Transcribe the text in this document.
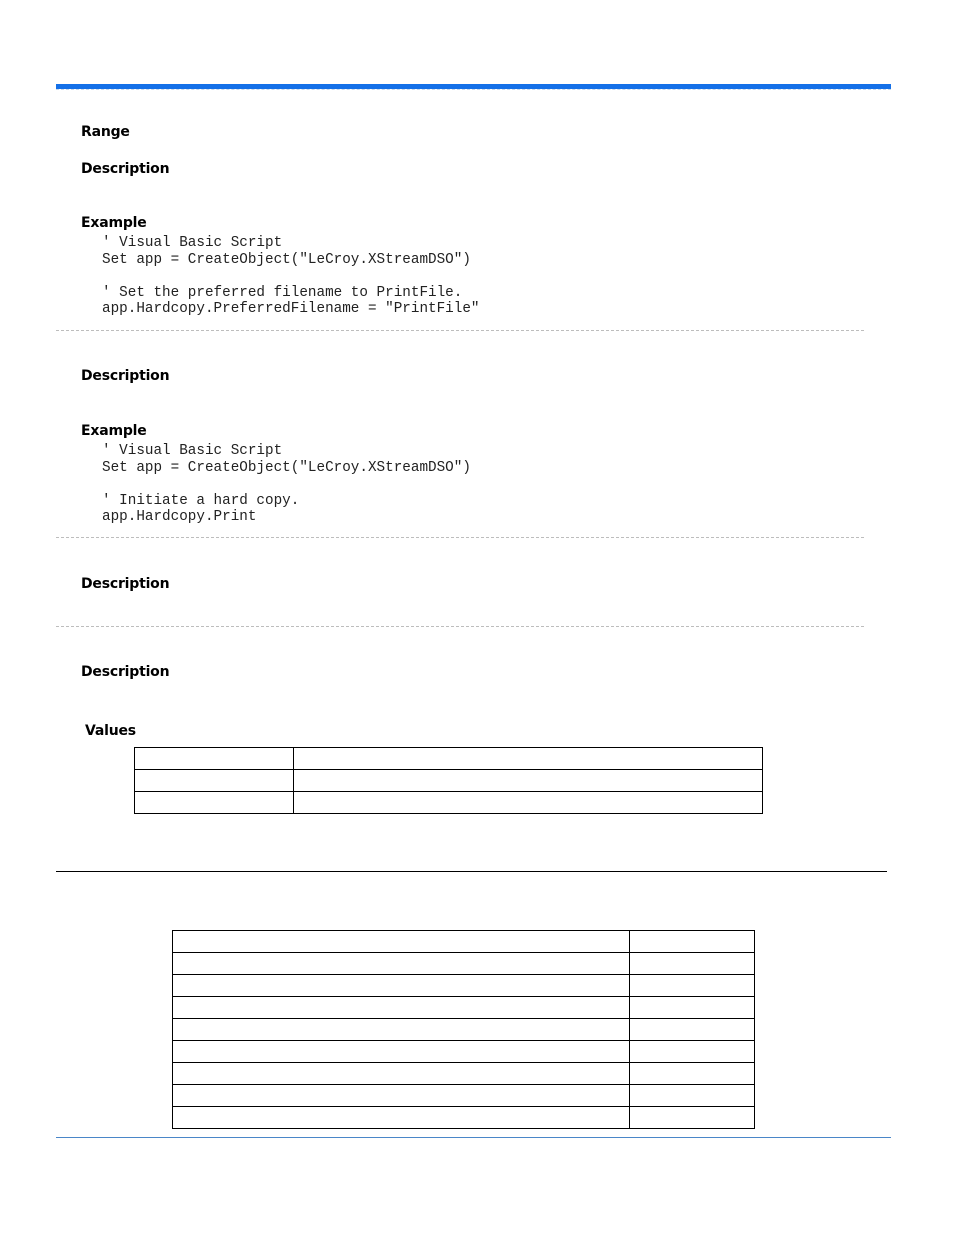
Range
Description
Example
' Visual Basic Script
Set app = CreateObject("LeCroy.XStreamDSO")

' Set the preferred filename to PrintFile.
app.Hardcopy.PreferredFilename = "PrintFile"
Description
Example
' Visual Basic Script
Set app = CreateObject("LeCroy.XStreamDSO")

' Initiate a hard copy.
app.Hardcopy.Print
Description
Description
Values
